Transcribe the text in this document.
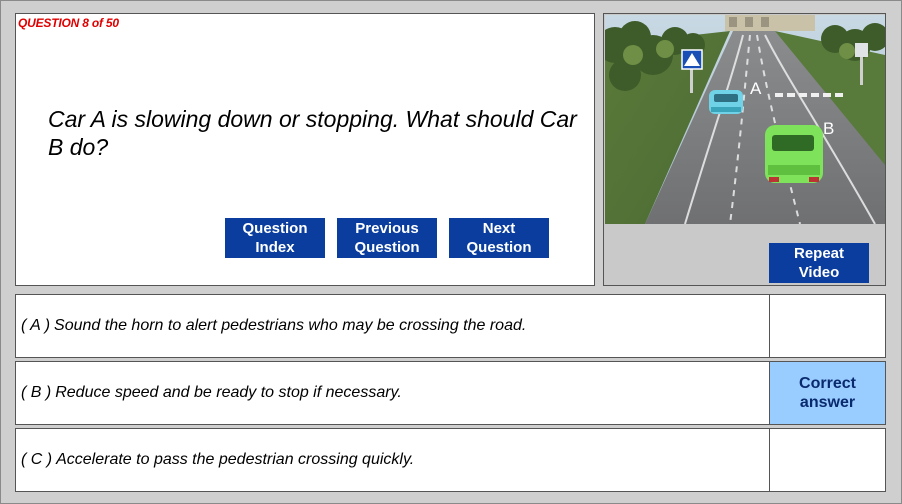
QUESTION 8 of 50
Car A is slowing down or stopping. What should Car B do?
Question
Index
Previous
Question
Next
Question
A
B
Repeat
Video
( A ) Sound the horn to alert pedestrians who may be crossing the road.
( B ) Reduce speed and be ready to stop if necessary.
Correct
answer
( C ) Accelerate to pass the pedestrian crossing quickly.
